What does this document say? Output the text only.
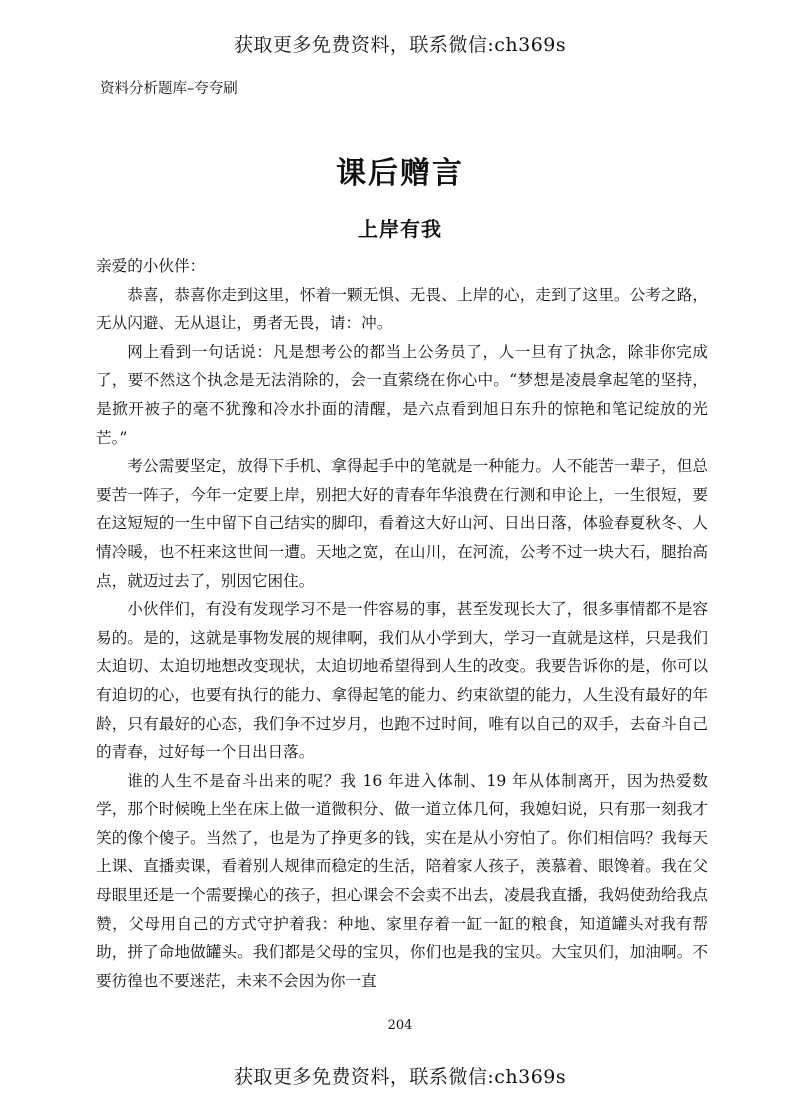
获取更多免费资料，联系微信:ch369s
资料分析题库–夸夸刷
课后赠言
上岸有我

亲爱的小伙伴：

恭喜，恭喜你走到这里，怀着一颗无惧、无畏、上岸的心，走到了这里。公考之路，无从闪避、无从退让，勇者无畏，请：冲。

网上看到一句话说：凡是想考公的都当上公务员了，人一旦有了执念，除非你完成了，要不然这个执念是无法消除的，会一直萦绕在你心中。“梦想是凌晨拿起笔的坚持，是掀开被子的毫不犹豫和冷水扑面的清醒，是六点看到旭日东升的惊艳和笔记绽放的光芒。”

考公需要坚定，放得下手机、拿得起手中的笔就是一种能力。人不能苦一辈子，但总要苦一阵子，今年一定要上岸，别把大好的青春年华浪费在行测和申论上，一生很短，要在这短短的一生中留下自己结实的脚印，看着这大好山河、日出日落，体验春夏秋冬、人情冷暖，也不枉来这世间一遭。天地之宽，在山川，在河流，公考不过一块大石，腿抬高点，就迈过去了，别因它困住。

小伙伴们，有没有发现学习不是一件容易的事，甚至发现长大了，很多事情都不是容易的。是的，这就是事物发展的规律啊，我们从小学到大，学习一直就是这样，只是我们太迫切、太迫切地想改变现状，太迫切地希望得到人生的改变。我要告诉你的是，你可以有迫切的心，也要有执行的能力、拿得起笔的能力、约束欲望的能力，人生没有最好的年龄，只有最好的心态，我们争不过岁月，也跑不过时间，唯有以自己的双手，去奋斗自己的青春，过好每一个日出日落。

谁的人生不是奋斗出来的呢？我 16 年进入体制、19 年从体制离开，因为热爱数学，那个时候晚上坐在床上做一道微积分、做一道立体几何，我媳妇说，只有那一刻我才笑的像个傻子。当然了，也是为了挣更多的钱，实在是从小穷怕了。你们相信吗？我每天上课、直播卖课，看着别人规律而稳定的生活，陪着家人孩子，羡慕着、眼馋着。我在父母眼里还是一个需要操心的孩子，担心课会不会卖不出去，凌晨我直播，我妈使劲给我点赞，父母用自己的方式守护着我：种地、家里存着一缸一缸的粮食，知道罐头对我有帮助，拼了命地做罐头。我们都是父母的宝贝，你们也是我的宝贝。大宝贝们，加油啊。不要彷徨也不要迷茫，未来不会因为你一直

204
获取更多免费资料，联系微信:ch369s
